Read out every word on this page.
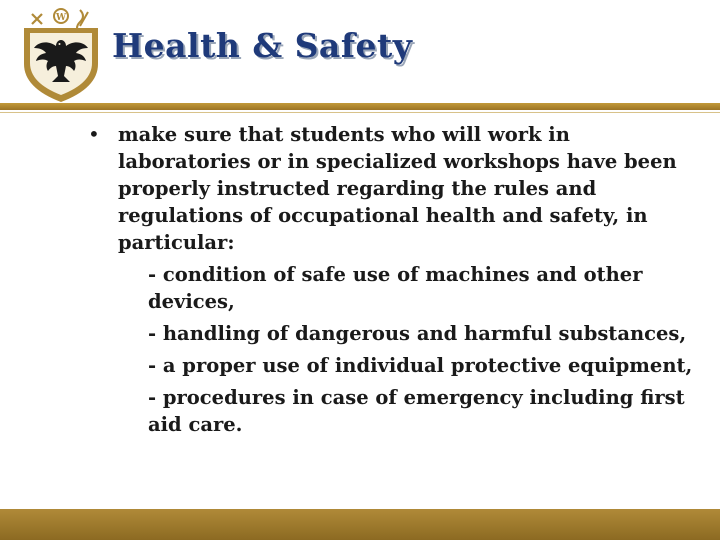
W
Health & Safety
• make sure that students who will work in laboratories or in specialized workshops have been properly instructed regarding the rules and regulations of occupational health and safety, in particular:
- condition of safe use of machines and other devices,
- handling of dangerous and harmful substances,
- a proper use of individual protective equipment,
- procedures in case of emergency including first aid care.
